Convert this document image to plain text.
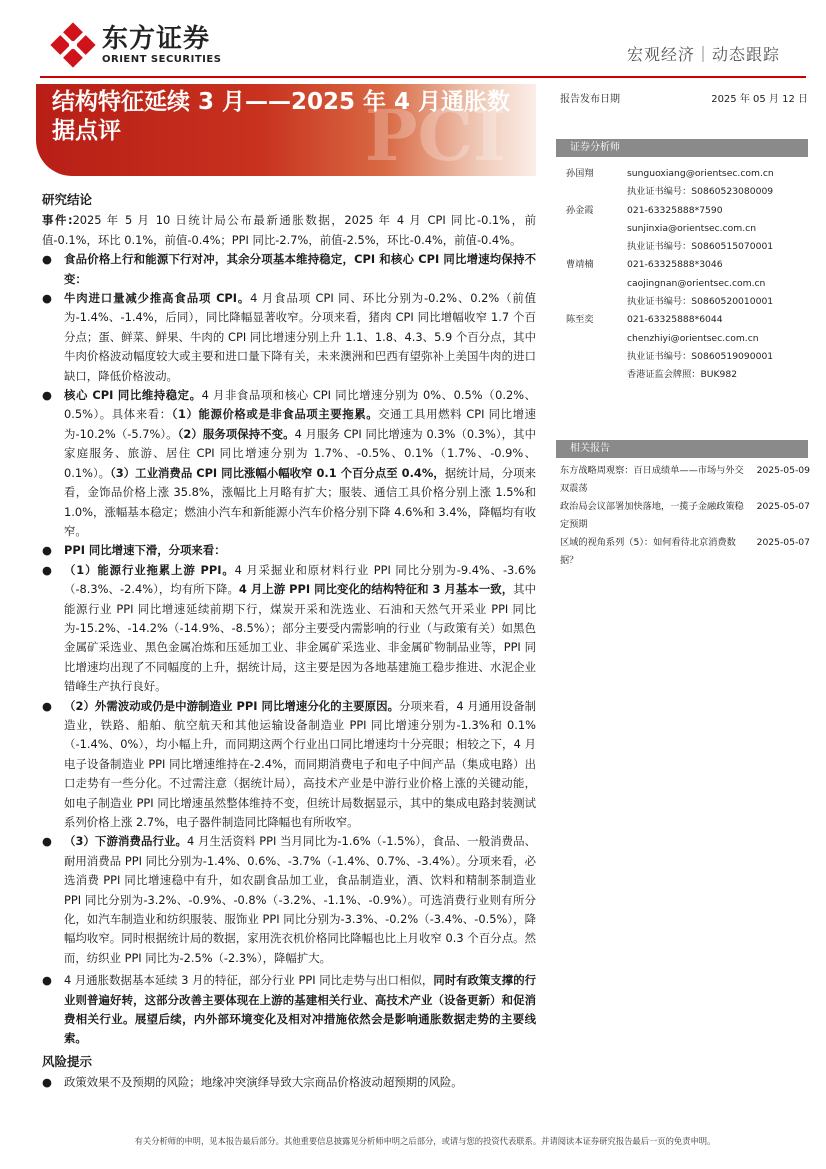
东方证券
ORIENT SECURITIES	宏观经济｜动态跟踪
PCI
结构特征延续 3 月——2025 年 4 月通胀数据点评
报告发布日期	2025 年 05 月 12 日
证券分析师
孙国翔	sunguoxiang@orientsec.com.cn
执业证书编号：S0860523080009
孙金霞	021-63325888*7590
sunjinxia@orientsec.com.cn
执业证书编号：S0860515070001
曹靖楠	021-63325888*3046
caojingnan@orientsec.com.cn
执业证书编号：S0860520010001
陈至奕	021-63325888*6044
chenzhiyi@orientsec.com.cn
执业证书编号：S0860519090001
香港证监会牌照：BUK982
相关报告
东方战略周观察：百日成绩单——市场与外交双震荡
2025-05-09
政治局会议部署加快落地，一揽子金融政策稳定预期
2025-05-07
区域的视角系列（5）：如何看待北京消费数据？
2025-05-07
研究结论
事件:2025 年 5 月 10 日统计局公布最新通胀数据，2025 年 4 月 CPI 同比-0.1%，前值-0.1%，环比 0.1%，前值-0.4%；PPI 同比-2.7%，前值-2.5%，环比-0.4%，前值-0.4%。
● 食品价格上行和能源下行对冲，其余分项基本维持稳定，CPI 和核心 CPI 同比增速均保持不变：
● 牛肉进口量减少推高食品项 CPI。4 月食品项 CPI 同、环比分别为-0.2%、0.2%（前值为-1.4%、-1.4%，后同），同比降幅显著收窄。分项来看，猪肉 CPI 同比增幅收窄 1.7 个百分点；蛋、鲜菜、鲜果、牛肉的 CPI 同比增速分别上升 1.1、1.8、4.3、5.9 个百分点，其中牛肉价格波动幅度较大或主要和进口量下降有关，未来澳洲和巴西有望弥补上美国牛肉的进口缺口，降低价格波动。
● 核心 CPI 同比维持稳定。4 月非食品项和核心 CPI 同比增速分别为 0%、0.5%（0.2%、0.5%）。具体来看：（1）能源价格或是非食品项主要拖累。交通工具用燃料 CPI 同比增速为-10.2%（-5.7%）。（2）服务项保持不变。4 月服务 CPI 同比增速为 0.3%（0.3%），其中家庭服务、旅游、居住 CPI 同比增速分别为 1.7%、-0.5%、0.1%（1.7%、-0.9%、0.1%）。（3）工业消费品 CPI 同比涨幅小幅收窄 0.1 个百分点至 0.4%，据统计局，分项来看，金饰品价格上涨 35.8%，涨幅比上月略有扩大；服装、通信工具价格分别上涨 1.5%和 1.0%，涨幅基本稳定；燃油小汽车和新能源小汽车价格分别下降 4.6%和 3.4%，降幅均有收窄。
● PPI 同比增速下滑，分项来看：
● （1）能源行业拖累上游 PPI。4 月采掘业和原材料行业 PPI 同比分别为-9.4%、-3.6%（-8.3%、-2.4%），均有所下降。4 月上游 PPI 同比变化的结构特征和 3 月基本一致，其中能源行业 PPI 同比增速延续前期下行，煤炭开采和洗选业、石油和天然气开采业 PPI 同比为-15.2%、-14.2%（-14.9%、-8.5%）；部分主要受内需影响的行业（与政策有关）如黑色金属矿采选业、黑色金属冶炼和压延加工业、非金属矿采选业、非金属矿物制品业等，PPI 同比增速均出现了不同幅度的上升，据统计局，这主要是因为各地基建施工稳步推进、水泥企业错峰生产执行良好。
● （2）外需波动或仍是中游制造业 PPI 同比增速分化的主要原因。分项来看，4 月通用设备制造业，铁路、船舶、航空航天和其他运输设备制造业 PPI 同比增速分别为-1.3%和 0.1%（-1.4%、0%），均小幅上升，而同期这两个行业出口同比增速均十分亮眼；相较之下，4 月电子设备制造业 PPI 同比增速维持在-2.4%，而同期消费电子和电子中间产品（集成电路）出口走势有一些分化。不过需注意（据统计局），高技术产业是中游行业价格上涨的关键动能，如电子制造业 PPI 同比增速虽然整体维持不变，但统计局数据显示，其中的集成电路封装测试系列价格上涨 2.7%，电子器件制造同比降幅也有所收窄。
● （3）下游消费品行业。4 月生活资料 PPI 当月同比为-1.6%（-1.5%），食品、一般消费品、耐用消费品 PPI 同比分别为-1.4%、0.6%、-3.7%（-1.4%、0.7%、-3.4%）。分项来看，必选消费 PPI 同比增速稳中有升，如农副食品加工业，食品制造业，酒、饮料和精制茶制造业 PPI 同比分别为-3.2%、-0.9%、-0.8%（-3.2%、-1.1%、-0.9%）。可选消费行业则有所分化，如汽车制造业和纺织服装、服饰业 PPI 同比分别为-3.3%、-0.2%（-3.4%、-0.5%），降幅均收窄。同时根据统计局的数据，家用洗衣机价格同比降幅也比上月收窄 0.3 个百分点。然而，纺织业 PPI 同比为-2.5%（-2.3%），降幅扩大。
● 4 月通胀数据基本延续 3 月的特征，部分行业 PPI 同比走势与出口相似，同时有政策支撑的行业则普遍好转，这部分改善主要体现在上游的基建相关行业、高技术产业（设备更新）和促消费相关行业。展望后续，内外部环境变化及相对冲措施依然会是影响通胀数据走势的主要线索。
风险提示
● 政策效果不及预期的风险；地缘冲突演绎导致大宗商品价格波动超预期的风险。
有关分析师的申明，见本报告最后部分。其他重要信息披露见分析师申明之后部分，或请与您的投资代表联系。并请阅读本证券研究报告最后一页的免责申明。
